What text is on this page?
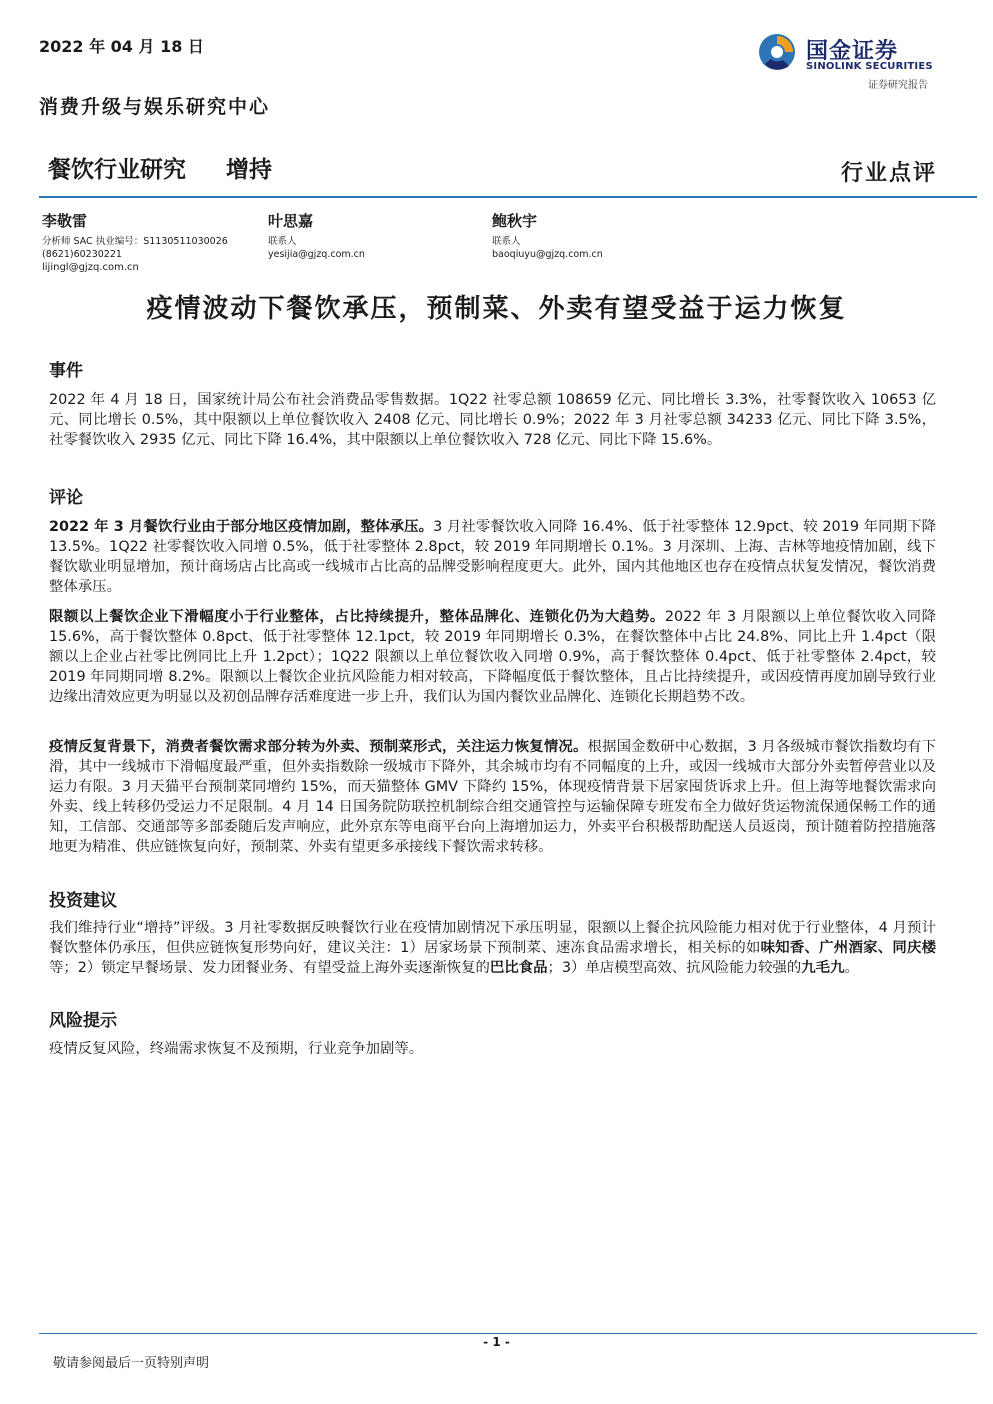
2022 年 04 月 18 日
消费升级与娱乐研究中心
国金证券
SINOLINK SECURITIES
证券研究报告
餐饮行业研究 增持	行业点评
李敬雷
分析师 SAC 执业编号：S1130511030026
(8621)60230221
lijingl@gjzq.com.cn
叶思嘉
联系人
yesijia@gjzq.com.cn
鲍秋宇
联系人
baoqiuyu@gjzq.com.cn
疫情波动下餐饮承压，预制菜、外卖有望受益于运力恢复
事件
2022 年 4 月 18 日，国家统计局公布社会消费品零售数据。1Q22 社零总额 108659 亿元、同比增长 3.3%，社零餐饮收入 10653 亿元、同比增长 0.5%，其中限额以上单位餐饮收入 2408 亿元、同比增长 0.9%；2022 年 3 月社零总额 34233 亿元、同比下降 3.5%，社零餐饮收入 2935 亿元、同比下降 16.4%，其中限额以上单位餐饮收入 728 亿元、同比下降 15.6%。
评论
2022 年 3 月餐饮行业由于部分地区疫情加剧，整体承压。3 月社零餐饮收入同降 16.4%、低于社零整体 12.9pct、较 2019 年同期下降 13.5%。1Q22 社零餐饮收入同增 0.5%，低于社零整体 2.8pct，较 2019 年同期增长 0.1%。3 月深圳、上海、吉林等地疫情加剧，线下餐饮歇业明显增加，预计商场店占比高或一线城市占比高的品牌受影响程度更大。此外，国内其他地区也存在疫情点状复发情况，餐饮消费整体承压。
限额以上餐饮企业下滑幅度小于行业整体，占比持续提升，整体品牌化、连锁化仍为大趋势。2022 年 3 月限额以上单位餐饮收入同降 15.6%，高于餐饮整体 0.8pct、低于社零整体 12.1pct，较 2019 年同期增长 0.3%，在餐饮整体中占比 24.8%、同比上升 1.4pct（限额以上企业占社零比例同比上升 1.2pct）；1Q22 限额以上单位餐饮收入同增 0.9%，高于餐饮整体 0.4pct、低于社零整体 2.4pct，较 2019 年同期同增 8.2%。限额以上餐饮企业抗风险能力相对较高，下降幅度低于餐饮整体，且占比持续提升，或因疫情再度加剧导致行业边缘出清效应更为明显以及初创品牌存活难度进一步上升，我们认为国内餐饮业品牌化、连锁化长期趋势不改。
疫情反复背景下，消费者餐饮需求部分转为外卖、预制菜形式，关注运力恢复情况。根据国金数研中心数据，3 月各级城市餐饮指数均有下滑，其中一线城市下滑幅度最严重，但外卖指数除一级城市下降外，其余城市均有不同幅度的上升，或因一线城市大部分外卖暂停营业以及运力有限。3 月天猫平台预制菜同增约 15%，而天猫整体 GMV 下降约 15%，体现疫情背景下居家囤货诉求上升。但上海等地餐饮需求向外卖、线上转移仍受运力不足限制。4 月 14 日国务院防联控机制综合组交通管控与运输保障专班发布全力做好货运物流保通保畅工作的通知，工信部、交通部等多部委随后发声响应，此外京东等电商平台向上海增加运力，外卖平台积极帮助配送人员返岗，预计随着防控措施落地更为精准、供应链恢复向好，预制菜、外卖有望更多承接线下餐饮需求转移。
投资建议
我们维持行业“增持”评级。3 月社零数据反映餐饮行业在疫情加剧情况下承压明显，限额以上餐企抗风险能力相对优于行业整体，4 月预计餐饮整体仍承压，但供应链恢复形势向好，建议关注：1）居家场景下预制菜、速冻食品需求增长，相关标的如味知香、广州酒家、同庆楼等；2）锁定早餐场景、发力团餐业务、有望受益上海外卖逐渐恢复的巴比食品；3）单店模型高效、抗风险能力较强的九毛九。
风险提示
疫情反复风险，终端需求恢复不及预期，行业竞争加剧等。
- 1 -
敬请参阅最后一页特别声明
